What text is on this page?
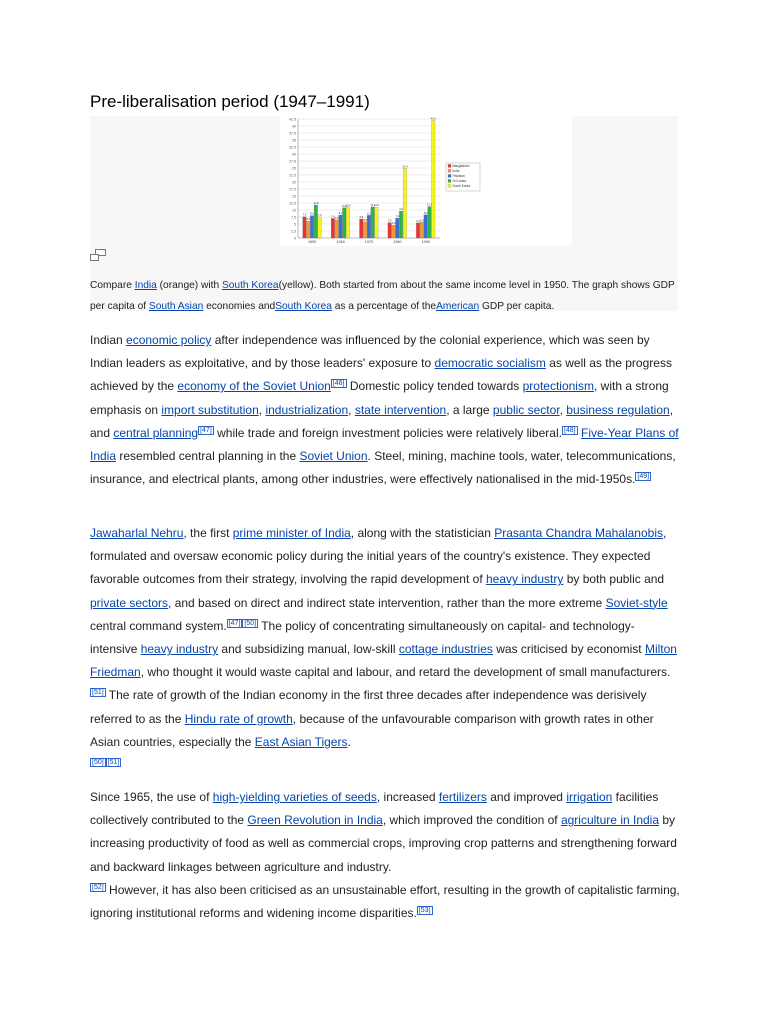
Pre-liberalisation period (1947–1991)
0
2.5
5
7.5
10
12.5
15
17.5
20
22.5
25
27.5
30
32.5
35
37.5
40
42.5
7.6
6.0
8.0
11.8
7.5
1950
7.0 6.5
8.2
10.8
10.9
1960
6.8
5.8
8.1
11.1
11.0
1970
5.5
4.6
7.1
9.6
24.9
1980
5.4 5.6
8.3
11.2
42.0
1990
Bangladesh
India
Pakistan
Sri Lanka
South Korea

Compare India (orange) with South Korea(yellow). Both started from about the same income level in 1950. The graph shows GDP per capita of South Asian economies andSouth Korea as a percentage of theAmerican GDP per capita.

Indian economic policy after independence was influenced by the colonial experience, which was seen by Indian leaders as exploitative, and by those leaders' exposure to democratic socialism as well as the progress achieved by the economy of the Soviet Union [46] Domestic policy tended towards protectionism, with a strong emphasis on import substitution, industrialization, state intervention, a large public sector, business regulation, and central planning [47] while trade and foreign investment policies were relatively liberal. [48] Five-Year Plans of India resembled central planning in the Soviet Union. Steel, mining, machine tools, water, telecommunications, insurance, and electrical plants, among other industries, were effectively nationalised in the mid-1950s. [49]

Jawaharlal Nehru, the first prime minister of India, along with the statistician Prasanta Chandra Mahalanobis, formulated and oversaw economic policy during the initial years of the country's existence. They expected favorable outcomes from their strategy, involving the rapid development of heavy industry by both public and private sectors, and based on direct and indirect state intervention, rather than the more extreme Soviet-style central command system. [47] [50] The policy of concentrating simultaneously on capital- and technology-intensive heavy industry and subsidizing manual, low-skill cottage industries was criticised by economist Milton Friedman, who thought it would waste capital and labour, and retard the development of small manufacturers.[51] The rate of growth of the Indian economy in the first three decades after independence was derisively referred to as the Hindu rate of growth, because of the unfavourable comparison with growth rates in other Asian countries, especially the East Asian Tigers.
[50] [51]

Since 1965, the use of high-yielding varieties of seeds, increased fertilizers and improved irrigation facilities collectively contributed to the Green Revolution in India, which improved the condition of agriculture in India by increasing productivity of food as well as commercial crops, improving crop patterns and strengthening forward and backward linkages between agriculture and industry.
[52] However, it has also been criticised as an unsustainable effort, resulting in the growth of capitalistic farming, ignoring institutional reforms and widening income disparities. [53]
